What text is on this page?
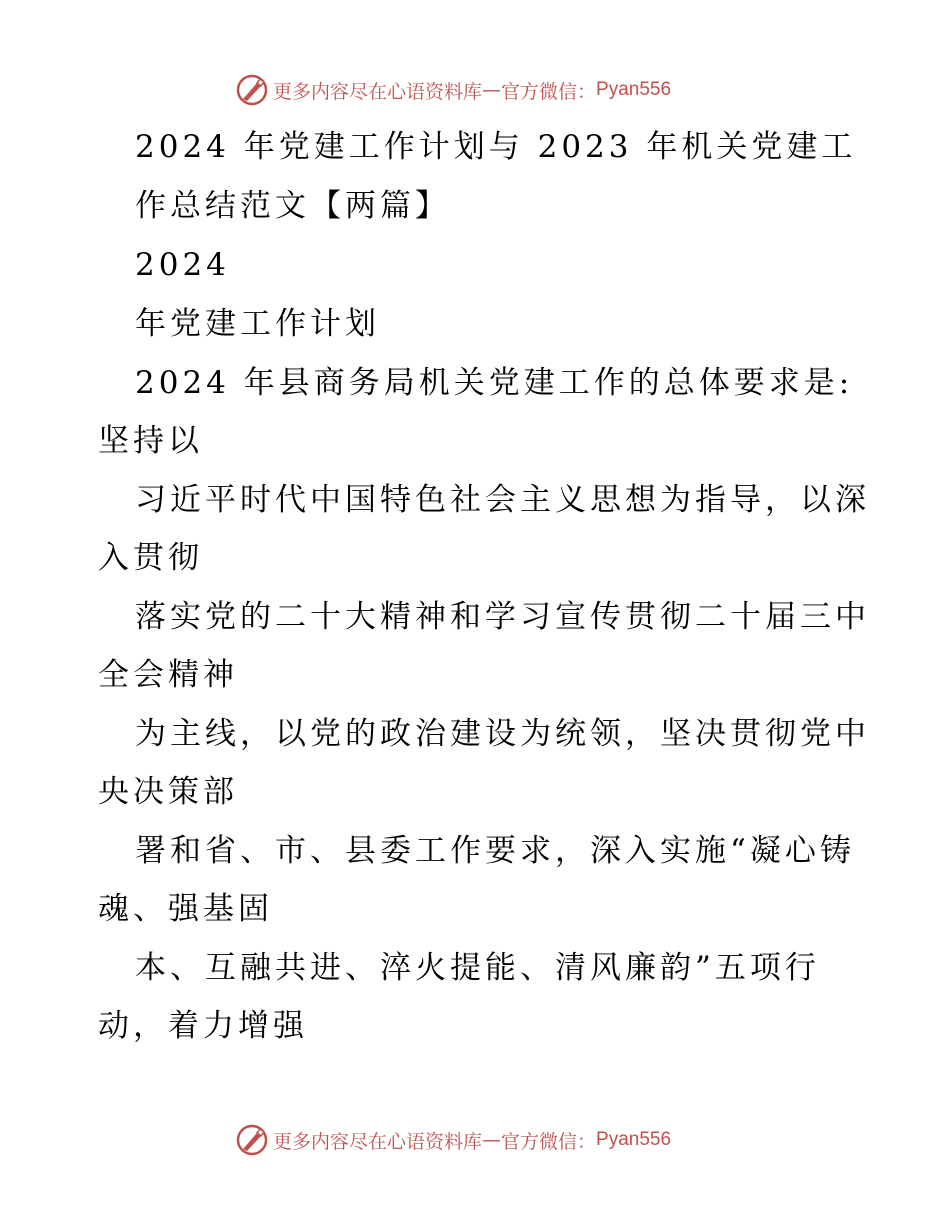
更多内容尽在心语资料库 — 官方微信： Pyan556
2024 年党建工作计划与 2023 年机关党建工
作总结范文【两篇】
2024
年党建工作计划
2024 年县商务局机关党建工作的总体要求是:
坚持以
习近平时代中国特色社会主义思想为指导，以深
入贯彻
落实党的二十大精神和学习宣传贯彻二十届三中
全会精神
为主线，以党的政治建设为统领，坚决贯彻党中
央决策部
署和省、市、县委工作要求，深入实施“凝心铸
魂、强基固
本、互融共进、淬火提能、清风廉韵”五项行
动，着力增强
更多内容尽在心语资料库 — 官方微信： Pyan556
